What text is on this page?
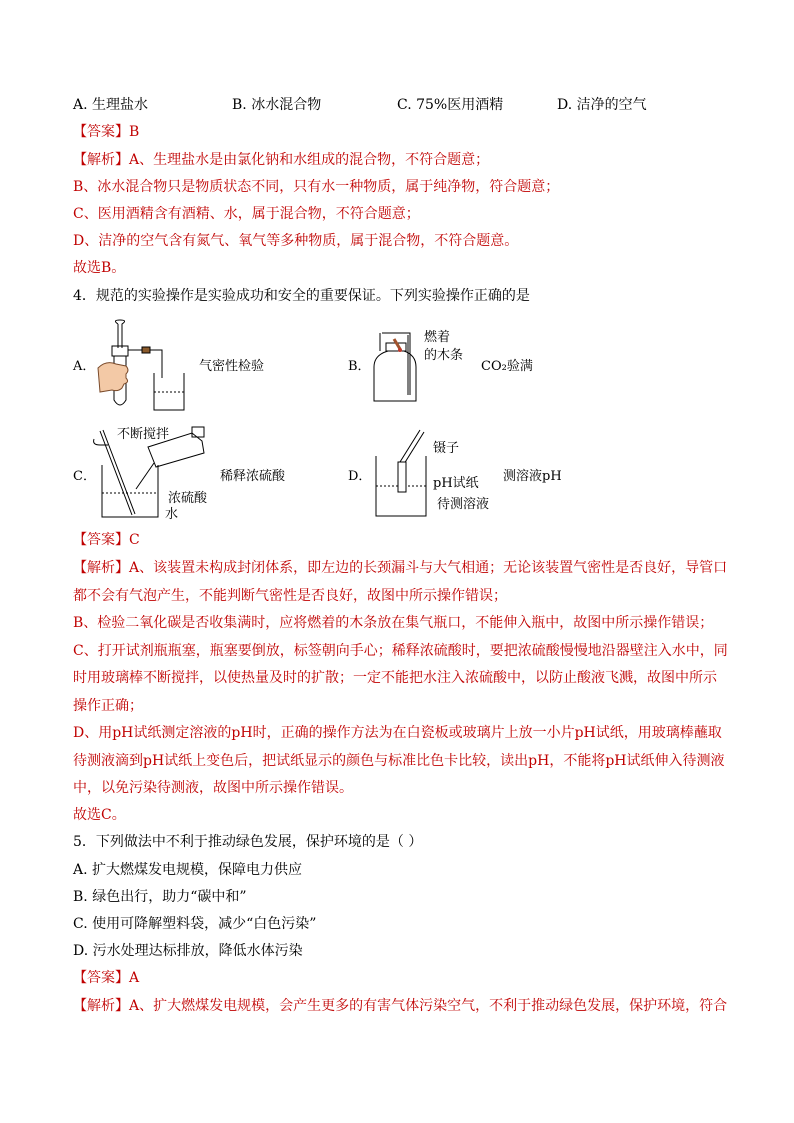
A. 生理盐水	B. 冰水混合物	C. 75%医用酒精	D. 洁净的空气
【答案】B
【解析】A、生理盐水是由氯化钠和水组成的混合物，不符合题意；
B、冰水混合物只是物质状态不同，只有水一种物质，属于纯净物，符合题意；
C、医用酒精含有酒精、水，属于混合物，不符合题意；
D、洁净的空气含有氮气、氧气等多种物质，属于混合物，不符合题意。
故选B。
4．规范的实验操作是实验成功和安全的重要保证。下列实验操作正确的是
A．	气密性检验	B．
燃着
的木条
CO₂验满
C．
不断搅拌
浓硫酸
水
稀释浓硫酸	D．
镊子
pH试纸
待测溶液
测溶液pH
【答案】C
【解析】A、该装置未构成封闭体系，即左边的长颈漏斗与大气相通；无论该装置气密性是否良好，导管口
都不会有气泡产生，不能判断气密性是否良好，故图中所示操作错误；
B、检验二氧化碳是否收集满时，应将燃着的木条放在集气瓶口，不能伸入瓶中，故图中所示操作错误；
C、打开试剂瓶瓶塞，瓶塞要倒放，标签朝向手心；稀释浓硫酸时，要把浓硫酸慢慢地沿器壁注入水中，同
时用玻璃棒不断搅拌，以使热量及时的扩散；一定不能把水注入浓硫酸中，以防止酸液飞溅，故图中所示
操作正确；
D、用pH试纸测定溶液的pH时，正确的操作方法为在白瓷板或玻璃片上放一小片pH试纸，用玻璃棒蘸取
待测液滴到pH试纸上变色后，把试纸显示的颜色与标准比色卡比较，读出pH，不能将pH试纸伸入待测液
中，以免污染待测液，故图中所示操作错误。
故选C。
5．下列做法中不利于推动绿色发展，保护环境的是（ ）
A. 扩大燃煤发电规模，保障电力供应
B. 绿色出行，助力“碳中和”
C. 使用可降解塑料袋，减少“白色污染”
D. 污水处理达标排放，降低水体污染
【答案】A
【解析】A、扩大燃煤发电规模，会产生更多的有害气体污染空气，不利于推动绿色发展，保护环境，符合
